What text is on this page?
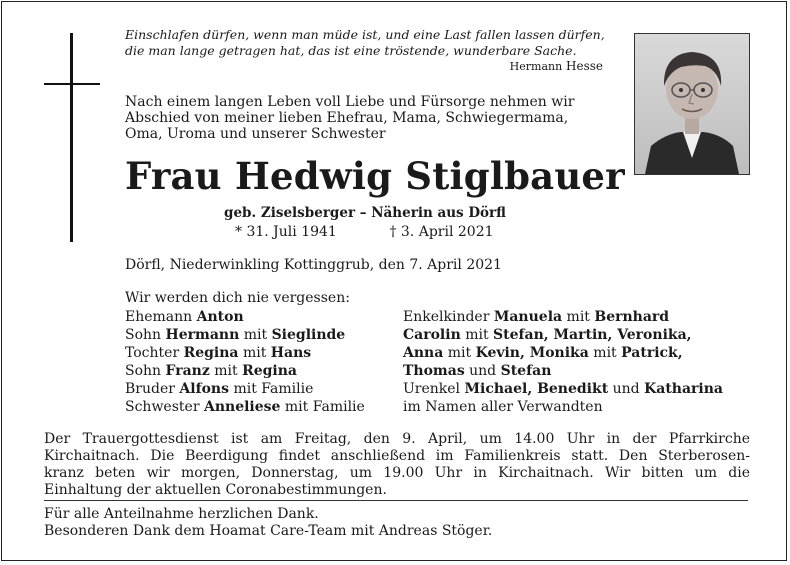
Einschlafen dürfen, wenn man müde ist, und eine Last fallen lassen dürfen,
die man lange getragen hat, das ist eine tröstende, wunderbare Sache.
Hermann Hesse
Nach einem langen Leben voll Liebe und Fürsorge nehmen wir
Abschied von meiner lieben Ehefrau, Mama, Schwiegermama,
Oma, Uroma und unserer Schwester
Frau Hedwig Stiglbauer
geb. Ziselsberger – Näherin aus Dörfl
* 31. Juli 1941	† 3. April 2021
Dörfl, Niederwinkling Kottinggrub, den 7. April 2021
Wir werden dich nie vergessen:
Ehemann Anton
Sohn Hermann mit Sieglinde
Tochter Regina mit Hans
Sohn Franz mit Regina
Bruder Alfons mit Familie
Schwester Anneliese mit Familie
Enkelkinder Manuela mit Bernhard
Carolin mit Stefan, Martin, Veronika,
Anna mit Kevin, Monika mit Patrick,
Thomas und Stefan
Urenkel Michael, Benedikt und Katharina
im Namen aller Verwandten
Der Trauergottesdienst ist am Freitag, den 9. April, um 14.00 Uhr in der Pfarrkirche
Kirchaitnach. Die Beerdigung findet anschließend im Familienkreis statt. Den Sterberosen-
kranz beten wir morgen, Donnerstag, um 19.00 Uhr in Kirchaitnach. Wir bitten um die
Einhaltung der aktuellen Coronabestimmungen.
Für alle Anteilnahme herzlichen Dank.
Besonderen Dank dem Hoamat Care-Team mit Andreas Stöger.
